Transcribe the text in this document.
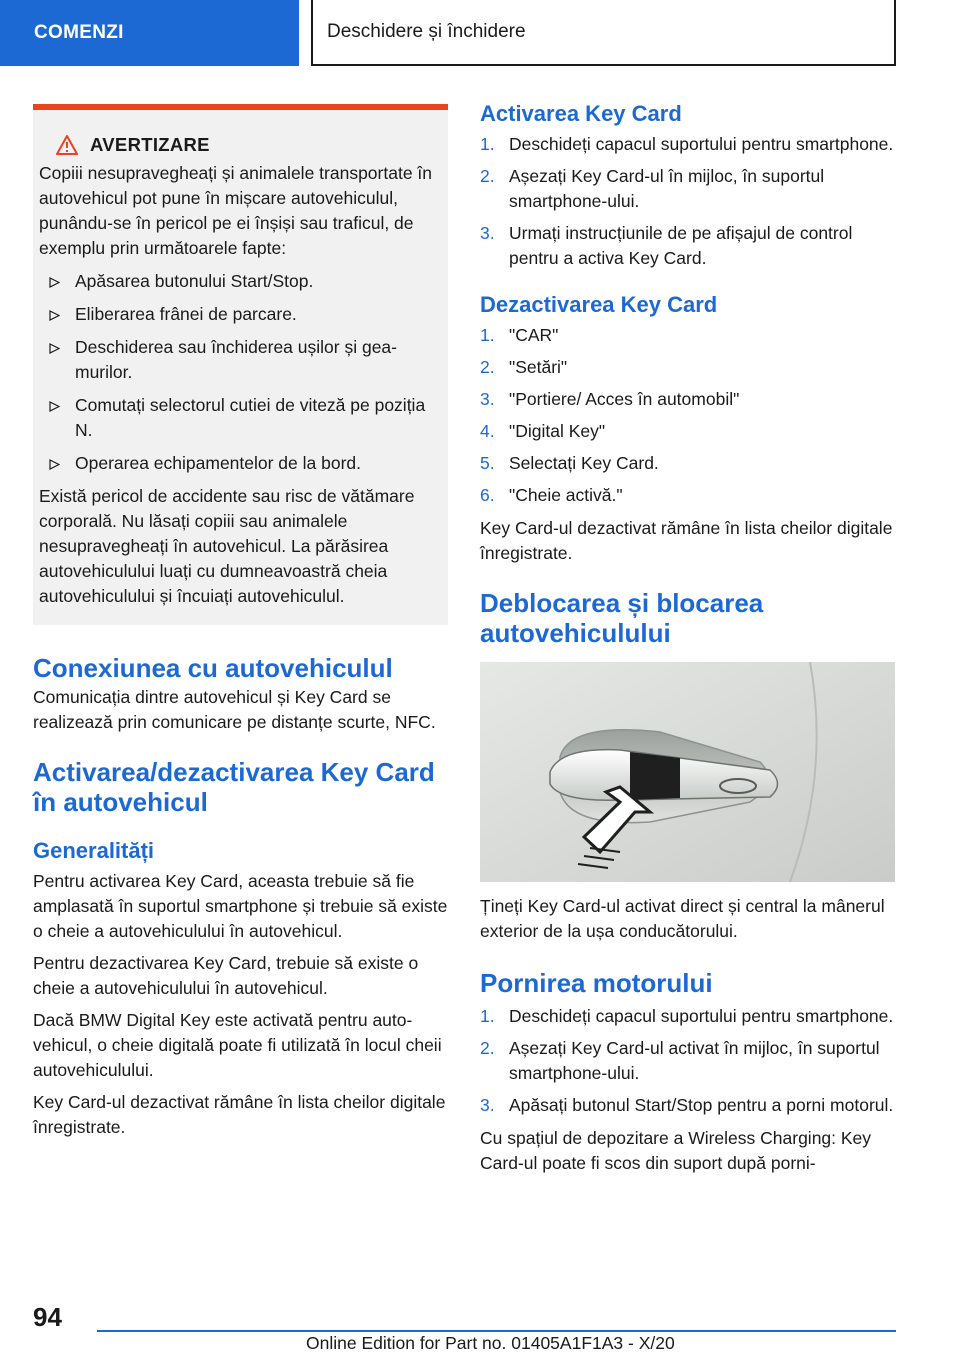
COMENZI	Deschidere și închidere
AVERTIZARE

Copiii nesupravegheați și animalele transportate în autovehicul pot pune în mișcare autovehiculul, punându-se în pericol pe ei înșiși sau traficul, de exemplu prin următoarele fapte:

Apăsarea butonului Start/Stop.
Eliberarea frânei de parcare.
Deschiderea sau închiderea ușilor și geamurilor.
Comutați selectorul cutiei de viteză pe poziția N.
Operarea echipamentelor de la bord.

Există pericol de accidente sau risc de vătămare corporală. Nu lăsați copiii sau animalele nesupravegheați în autovehicul. La părăsirea autovehiculului luați cu dumneavoastră cheia autovehiculului și încuiați autovehiculul.

Conexiunea cu autovehiculul

Comunicația dintre autovehicul și Key Card se realizează prin comunicare pe distanțe scurte, NFC.

Activarea/dezactivarea Key Card în autovehicul
Generalități

Pentru activarea Key Card, aceasta trebuie să fie amplasată în suportul smartphone și trebuie să existe o cheie a autovehiculului în autovehicul.

Pentru dezactivarea Key Card, trebuie să existe o cheie a autovehiculului în autovehicul.

Dacă BMW Digital Key este activată pentru autovehicul, o cheie digitală poate fi utilizată în locul cheii autovehiculului.

Key Card-ul dezactivat rămâne în lista cheilor digitale înregistrate.

Activarea Key Card
1. Deschideți capacul suportului pentru smartphone.
2. Așezați Key Card-ul în mijloc, în suportul smartphone-ului.
3. Urmați instrucțiunile de pe afișajul de control pentru a activa Key Card.
Dezactivarea Key Card
1. "CAR"
2. "Setări"
3. "Portiere/ Acces în automobil"
4. "Digital Key"
5. Selectați Key Card.
6. "Cheie activă."

Key Card-ul dezactivat rămâne în lista cheilor digitale înregistrate.

Deblocarea și blocarea autovehiculului

Țineți Key Card-ul activat direct și central la mânerul exterior de la ușa conducătorului.

Pornirea motorului
1. Deschideți capacul suportului pentru smartphone.
2. Așezați Key Card-ul activat în mijloc, în suportul smartphone-ului.
3. Apăsați butonul Start/Stop pentru a porni motorul.

Cu spațiul de depozitare a Wireless Charging: Key Card-ul poate fi scos din suport după porni-

94
Online Edition for Part no. 01405A1F1A3 - X/20
